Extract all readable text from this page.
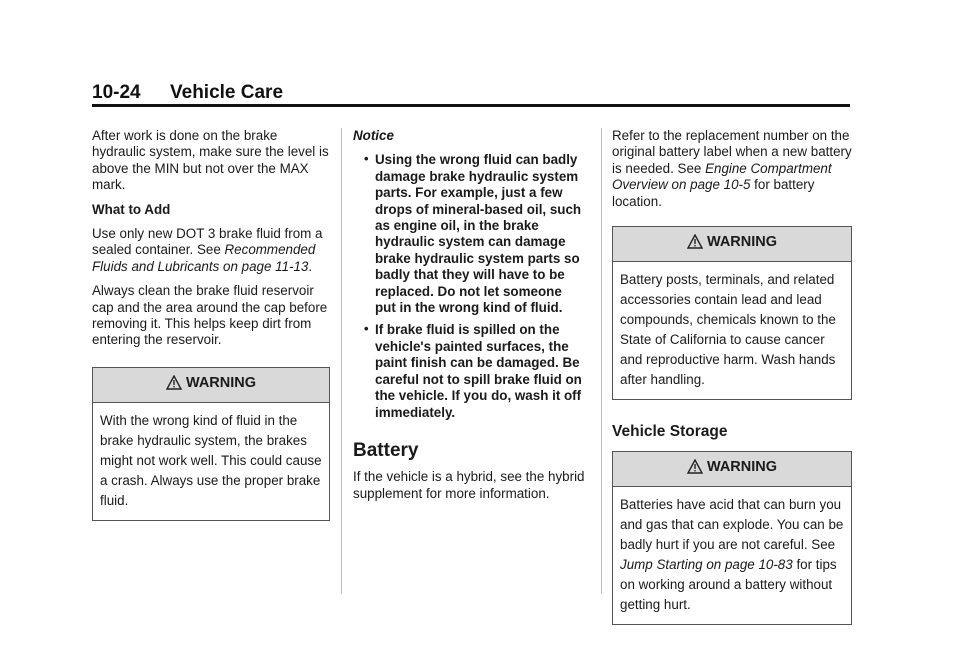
10-24 Vehicle Care

After work is done on the brake hydraulic system, make sure the level is above the MIN but not over the MAX mark.

What to Add

Use only new DOT 3 brake fluid from a sealed container. See Recommended Fluids and Lubricants on page 11-13.

Always clean the brake fluid reservoir cap and the area around the cap before removing it. This helps keep dirt from entering the reservoir.

WARNING
With the wrong kind of fluid in the brake hydraulic system, the brakes might not work well. This could cause a crash. Always use the proper brake fluid.

Notice

• Using the wrong fluid can badly damage brake hydraulic system parts. For example, just a few drops of mineral-based oil, such as engine oil, in the brake hydraulic system can damage brake hydraulic system parts so badly that they will have to be replaced. Do not let someone put in the wrong kind of fluid.
• If brake fluid is spilled on the vehicle's painted surfaces, the paint finish can be damaged. Be careful not to spill brake fluid on the vehicle. If you do, wash it off immediately.
Battery

If the vehicle is a hybrid, see the hybrid supplement for more information.

Refer to the replacement number on the original battery label when a new battery is needed. See Engine Compartment Overview on page 10-5 for battery location.

WARNING
Battery posts, terminals, and related accessories contain lead and lead compounds, chemicals known to the State of California to cause cancer and reproductive harm. Wash hands after handling.
Vehicle Storage
WARNING
Batteries have acid that can burn you and gas that can explode. You can be badly hurt if you are not careful. See Jump Starting on page 10-83 for tips on working around a battery without getting hurt.
